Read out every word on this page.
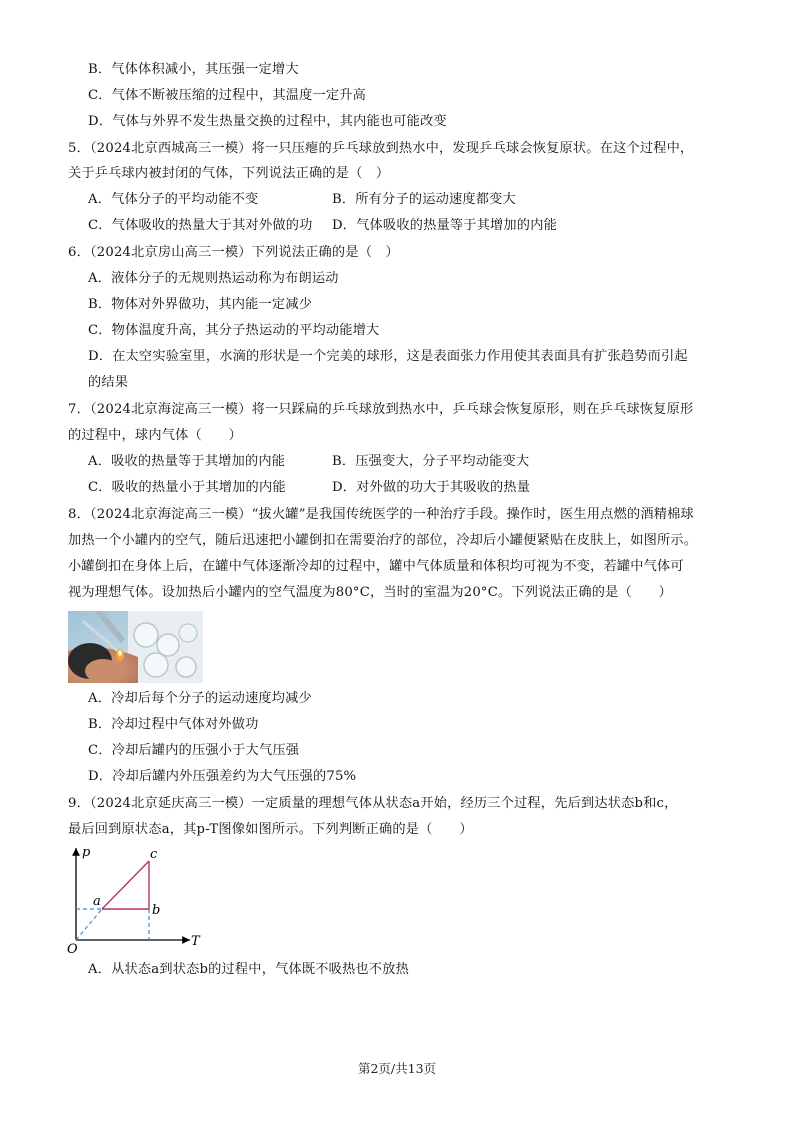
B．气体体积减小，其压强一定增大
C．气体不断被压缩的过程中，其温度一定升高
D．气体与外界不发生热量交换的过程中，其内能也可能改变
5．（2024北京西城高三一模）将一只压瘪的乒乓球放到热水中，发现乒乓球会恢复原状。在这个过程中，
关于乒乓球内被封闭的气体，下列说法正确的是（　）
A．气体分子的平均动能不变	B．所有分子的运动速度都变大
C．气体吸收的热量大于其对外做的功 D．气体吸收的热量等于其增加的内能
6．（2024北京房山高三一模）下列说法正确的是（　）
A．液体分子的无规则热运动称为布朗运动
B．物体对外界做功，其内能一定减少
C．物体温度升高，其分子热运动的平均动能增大
D．在太空实验室里，水滴的形状是一个完美的球形，这是表面张力作用使其表面具有扩张趋势而引起
的结果
7．（2024北京海淀高三一模）将一只踩扁的乒乓球放到热水中，乒乓球会恢复原形，则在乒乓球恢复原形
的过程中，球内气体（　　）
A．吸收的热量等于其增加的内能	B．压强变大，分子平均动能变大
C．吸收的热量小于其增加的内能	D．对外做的功大于其吸收的热量
8．（2024北京海淀高三一模）“拔火罐”是我国传统医学的一种治疗手段。操作时，医生用点燃的酒精棉球
加热一个小罐内的空气，随后迅速把小罐倒扣在需要治疗的部位，冷却后小罐便紧贴在皮肤上，如图所示。
小罐倒扣在身体上后，在罐中气体逐渐冷却的过程中，罐中气体质量和体积均可视为不变，若罐中气体可
视为理想气体。设加热后小罐内的空气温度为80°C，当时的室温为20°C。下列说法正确的是（　　）
A．冷却后每个分子的运动速度均减少
B．冷却过程中气体对外做功
C．冷却后罐内的压强小于大气压强
D．冷却后罐内外压强差约为大气压强的75%
9．（2024北京延庆高三一模）一定质量的理想气体从状态a开始，经历三个过程，先后到达状态b和c，
最后回到原状态a，其p-T图像如图所示。下列判断正确的是（　　）
p
T
O
a
b
c
A．从状态a到状态b的过程中，气体既不吸热也不放热
第2页/共13页
